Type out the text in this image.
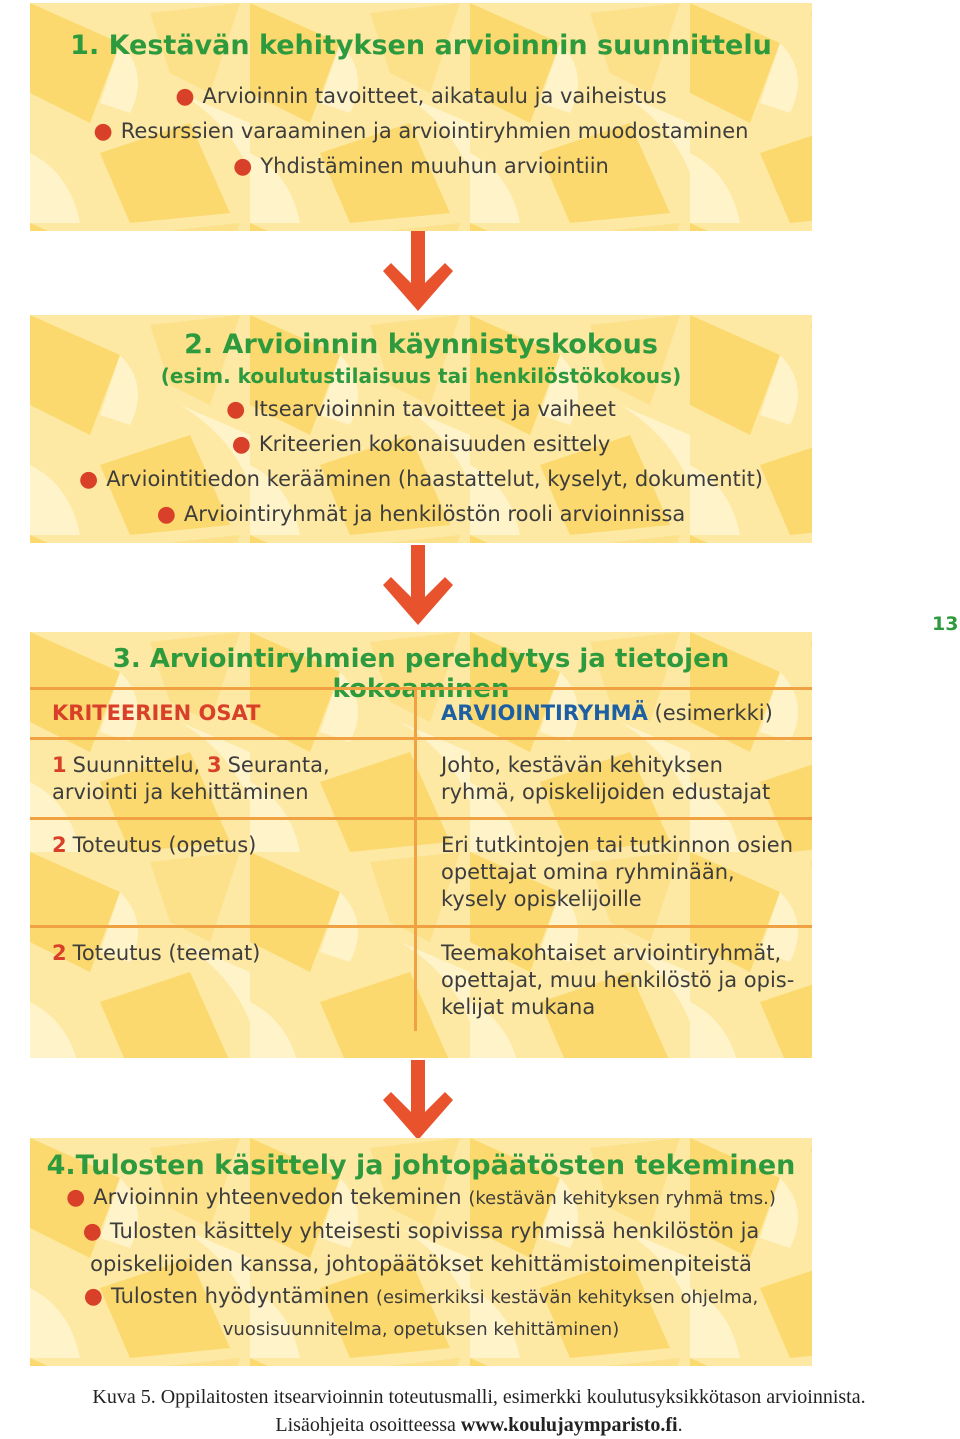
1. Kestävän kehityksen arvioinnin suunnittelu
● Arvioinnin tavoitteet, aikataulu ja vaiheistus
● Resurssien varaaminen ja arviointiryhmien muodostaminen
● Yhdistäminen muuhun arviointiin
2. Arvioinnin käynnistyskokous
(esim. koulutustilaisuus tai henkilöstökokous)
● Itsearvioinnin tavoitteet ja vaiheet
● Kriteerien kokonaisuuden esittely
● Arviointitiedon kerääminen (haastattelut, kyselyt, dokumentit)
● Arviointiryhmät ja henkilöstön rooli arvioinnissa
13
3. Arviointiryhmien perehdytys ja tietojen kokoaminen
KRITEERIEN OSAT	ARVIOINTIRYHMÄ (esimerkki)
1 Suunnittelu, 3 Seuranta, arviointi ja kehittäminen	Johto, kestävän kehityksen ryhmä, opiskelijoiden edustajat
2 Toteutus (opetus)	Eri tutkintojen tai tutkinnon osien opettajat omina ryhminään, kysely opiskelijoille
2 Toteutus (teemat)	Teemakohtaiset arviointiryhmät, opettajat, muu henkilöstö ja opis-kelijat mukana
4.Tulosten käsittely ja johtopäätösten tekeminen
● Arvioinnin yhteenvedon tekeminen (kestävän kehityksen ryhmä tms.)
● Tulosten käsittely yhteisesti sopivissa ryhmissä henkilöstön ja
opiskelijoiden kanssa, johtopäätökset kehittämistoimenpiteistä
● Tulosten hyödyntäminen (esimerkiksi kestävän kehityksen ohjelma,
vuosisuunnitelma, opetuksen kehittäminen)
Kuva 5. Oppilaitosten itsearvioinnin toteutusmalli, esimerkki koulutusyksikkötason arvioinnista.
Lisäohjeita osoitteessa www.koulujaymparisto.fi.
